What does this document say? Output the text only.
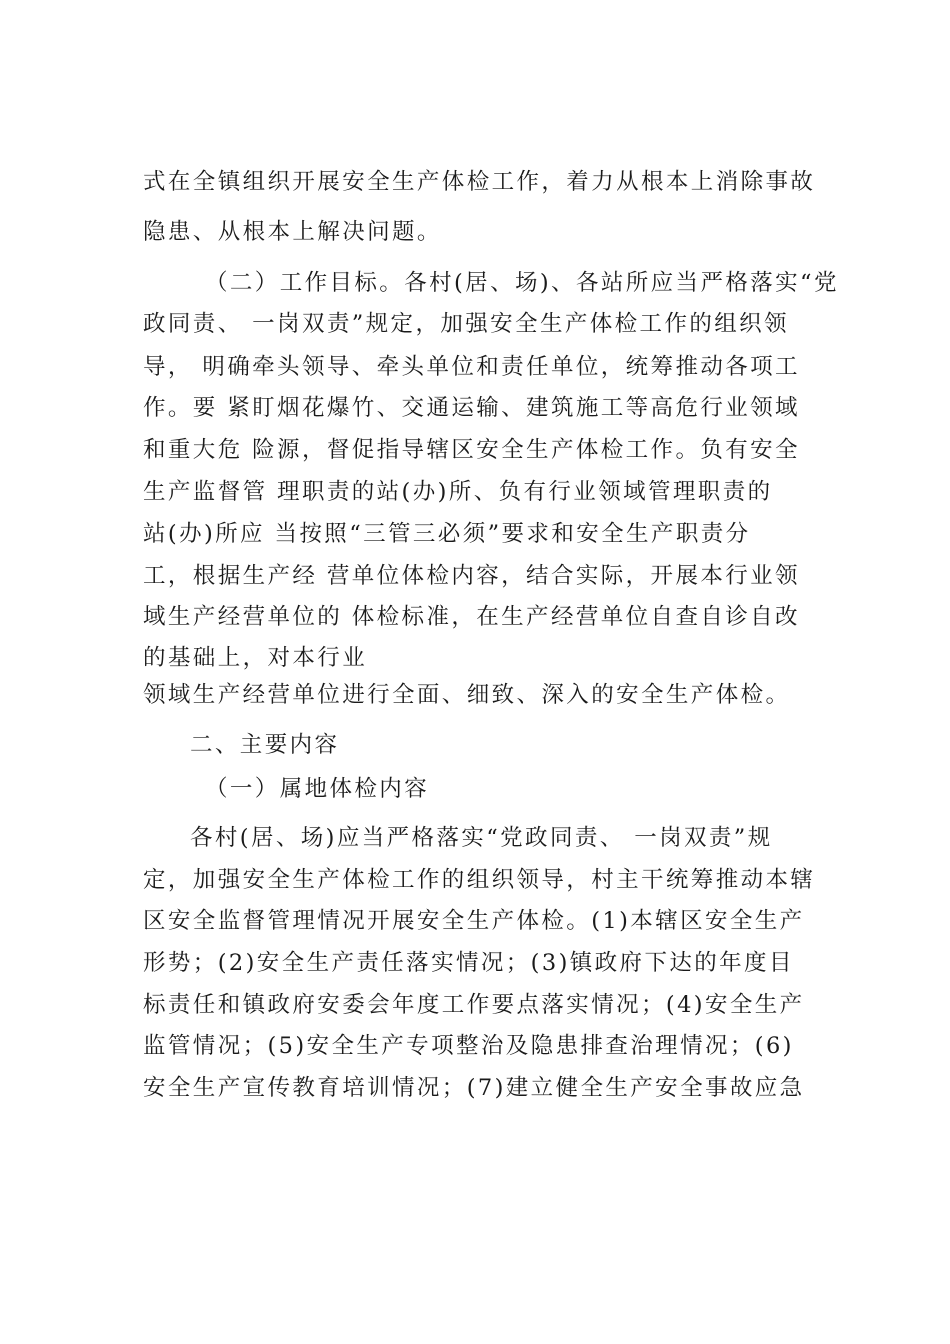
式在全镇组织开展安全生产体检工作，着力从根本上消除事故
隐患、从根本上解决问题。
（二）工作目标。各村(居、场)、各站所应当严格落实“党
政同责、 一岗双责”规定，加强安全生产体检工作的组织领
导， 明确牵头领导、牵头单位和责任单位，统筹推动各项工
作。要 紧盯烟花爆竹、交通运输、建筑施工等高危行业领域
和重大危 险源，督促指导辖区安全生产体检工作。负有安全
生产监督管 理职责的站(办)所、负有行业领域管理职责的
站(办)所应 当按照“三管三必须”要求和安全生产职责分
工，根据生产经 营单位体检内容，结合实际，开展本行业领
域生产经营单位的 体检标准，在生产经营单位自查自诊自改
的基础上，对本行业
领域生产经营单位进行全面、细致、深入的安全生产体检。
二、主要内容
（一）属地体检内容
各村(居、场)应当严格落实“党政同责、 一岗双责”规
定，加强安全生产体检工作的组织领导，村主干统筹推动本辖
区安全监督管理情况开展安全生产体检。(1)本辖区安全生产
形势；(2)安全生产责任落实情况；(3)镇政府下达的年度目
标责任和镇政府安委会年度工作要点落实情况；(4)安全生产
监管情况；(5)安全生产专项整治及隐患排查治理情况；(6)
安全生产宣传教育培训情况；(7)建立健全生产安全事故应急
